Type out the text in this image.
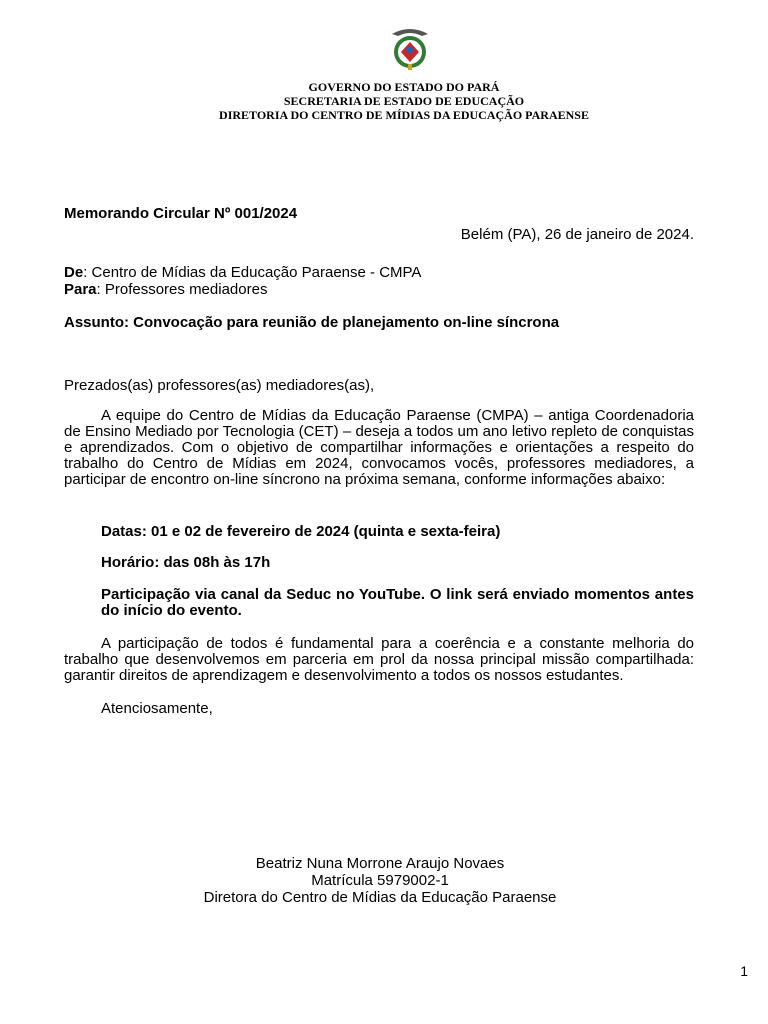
GOVERNO DO ESTADO DO PARÁ
SECRETARIA DE ESTADO DE EDUCAÇÃO
DIRETORIA DO CENTRO DE MÍDIAS DA EDUCAÇÃO PARAENSE
Memorando Circular Nº 001/2024
Belém (PA), 26 de janeiro de 2024.
De: Centro de Mídias da Educação Paraense - CMPA
Para: Professores mediadores
Assunto: Convocação para reunião de planejamento on-line síncrona
Prezados(as) professores(as) mediadores(as),
A equipe do Centro de Mídias da Educação Paraense (CMPA) – antiga Coordenadoria de Ensino Mediado por Tecnologia (CET) – deseja a todos um ano letivo repleto de conquistas e aprendizados. Com o objetivo de compartilhar informações e orientações a respeito do trabalho do Centro de Mídias em 2024, convocamos vocês, professores mediadores, a participar de encontro on-line síncrono na próxima semana, conforme informações abaixo:
Datas: 01 e 02 de fevereiro de 2024 (quinta e sexta-feira)
Horário: das 08h às 17h
Participação via canal da Seduc no YouTube. O link será enviado momentos antes do início do evento.
A participação de todos é fundamental para a coerência e a constante melhoria do trabalho que desenvolvemos em parceria em prol da nossa principal missão compartilhada: garantir direitos de aprendizagem e desenvolvimento a todos os nossos estudantes.
Atenciosamente,
Beatriz Nuna Morrone Araujo Novaes
Matrícula 5979002-1
Diretora do Centro de Mídias da Educação Paraense
1
